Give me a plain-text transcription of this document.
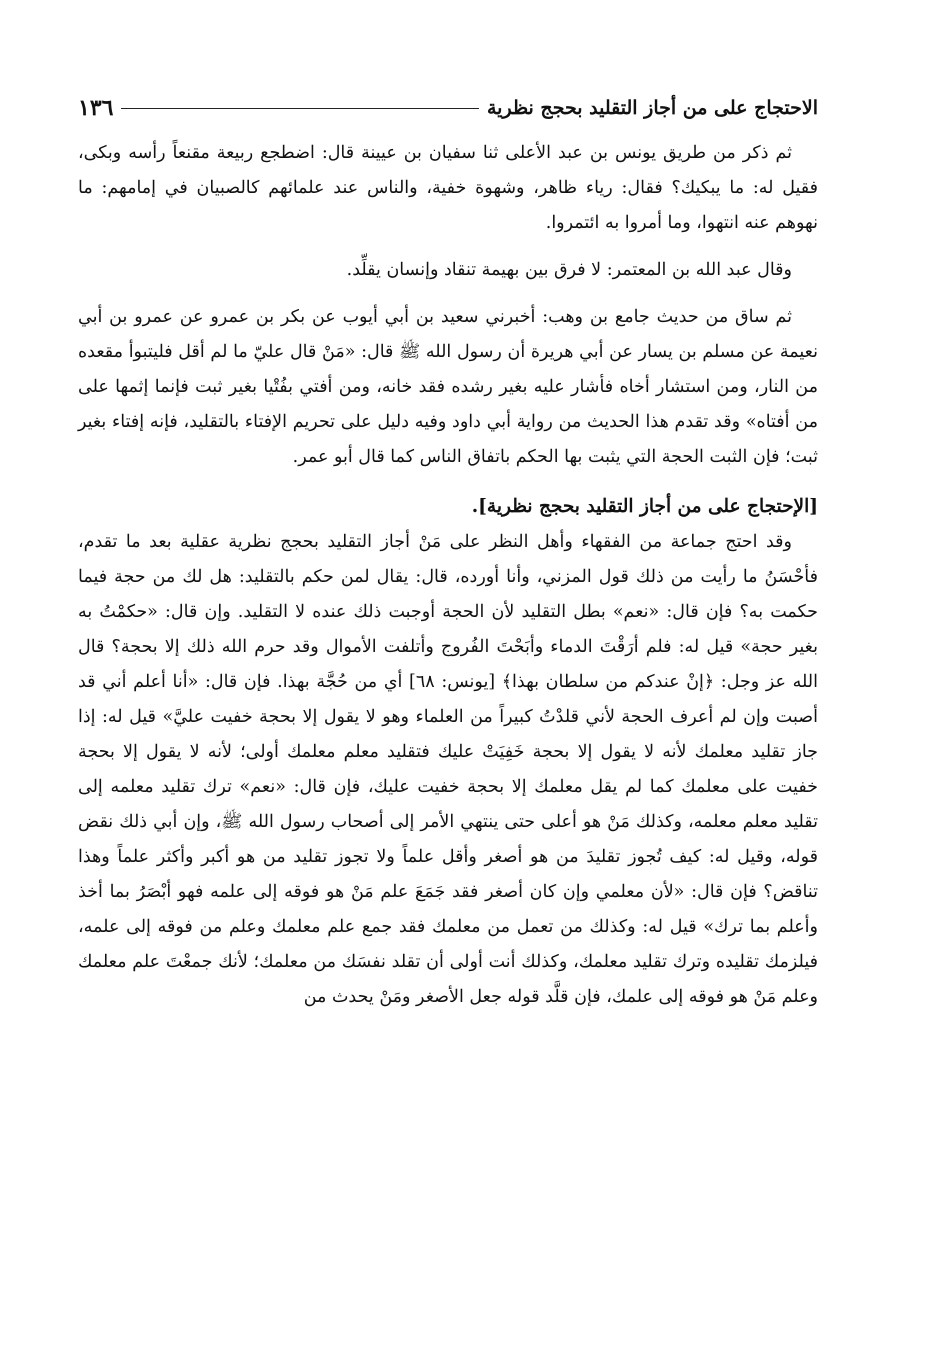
الاحتجاج على من أجاز التقليد بحجج نظرية
١٣٦

ثم ذكر من طريق يونس بن عبد الأعلى ثنا سفيان بن عيينة قال: اضطجع ربيعة مقنعاً رأسه وبكى، فقيل له: ما يبكيك؟ فقال: رياء ظاهر، وشهوة خفية، والناس عند علمائهم كالصبيان في إمامهم: ما نهوهم عنه انتهوا، وما أمروا به ائتمروا.

وقال عبد الله بن المعتمر: لا فرق بين بهيمة تنقاد وإنسان يقلِّد.

ثم ساق من حديث جامع بن وهب: أخبرني سعيد بن أبي أيوب عن بكر بن عمرو عن عمرو بن أبي نعيمة عن مسلم بن يسار عن أبي هريرة أن رسول الله ﷺ قال: «مَنْ قال عليّ ما لم أقل فليتبوأ مقعده من النار، ومن استشار أخاه فأشار عليه بغير رشده فقد خانه، ومن أفتي بفُتْيا بغير ثبت فإنما إثمها على من أفتاه» وقد تقدم هذا الحديث من رواية أبي داود وفيه دليل على تحريم الإفتاء بالتقليد، فإنه إفتاء بغير ثبت؛ فإن الثبت الحجة التي يثبت بها الحكم باتفاق الناس كما قال أبو عمر.

[الإحتجاج على من أجاز التقليد بحجج نظرية].

وقد احتج جماعة من الفقهاء وأهل النظر على مَنْ أجاز التقليد بحجج نظرية عقلية بعد ما تقدم، فأحْسَنُ ما رأيت من ذلك قول المزني، وأنا أورده، قال: يقال لمن حكم بالتقليد: هل لك من حجة فيما حكمت به؟ فإن قال: «نعم» بطل التقليد لأن الحجة أوجبت ذلك عنده لا التقليد. وإن قال: «حكمْتُ به بغير حجة» قيل له: فلم أرَقْتَ الدماء وأبَحْتَ الفُروج وأتلفت الأموال وقد حرم الله ذلك إلا بحجة؟ قال الله عز وجل: ﴿إنْ عندكم من سلطان بهذا﴾ [يونس: ٦٨] أي من حُجَّة بهذا. فإن قال: «أنا أعلم أني قد أصبت وإن لم أعرف الحجة لأني قلدْتُ كبيراً من العلماء وهو لا يقول إلا بحجة خفيت عليَّ» قيل له: إذا جاز تقليد معلمك لأنه لا يقول إلا بحجة خَفِيَتْ عليك فتقليد معلم معلمك أولى؛ لأنه لا يقول إلا بحجة خفيت على معلمك كما لم يقل معلمك إلا بحجة خفيت عليك، فإن قال: «نعم» ترك تقليد معلمه إلى تقليد معلم معلمه، وكذلك مَنْ هو أعلى حتى ينتهي الأمر إلى أصحاب رسول الله ﷺ، وإن أبي ذلك نقض قوله، وقيل له: كيف تُجوز تقليدَ من هو أصغر وأقل علماً ولا تجوز تقليد من هو أكبر وأكثر علماً وهذا تناقض؟ فإن قال: «لأن معلمي وإن كان أصغر فقد جَمَعَ علم مَنْ هو فوقه إلى علمه فهو أبْصَرُ بما أخذ وأعلم بما ترك» قيل له: وكذلك من تعمل من معلمك فقد جمع علم معلمك وعلم من فوقه إلى علمه، فيلزمك تقليده وترك تقليد معلمك، وكذلك أنت أولى أن تقلد نفسَك من معلمك؛ لأنك جمعْتَ علم معلمك وعلم مَنْ هو فوقه إلى علمك، فإن قلَّد قوله جعل الأصغر ومَنْ يحدث من
